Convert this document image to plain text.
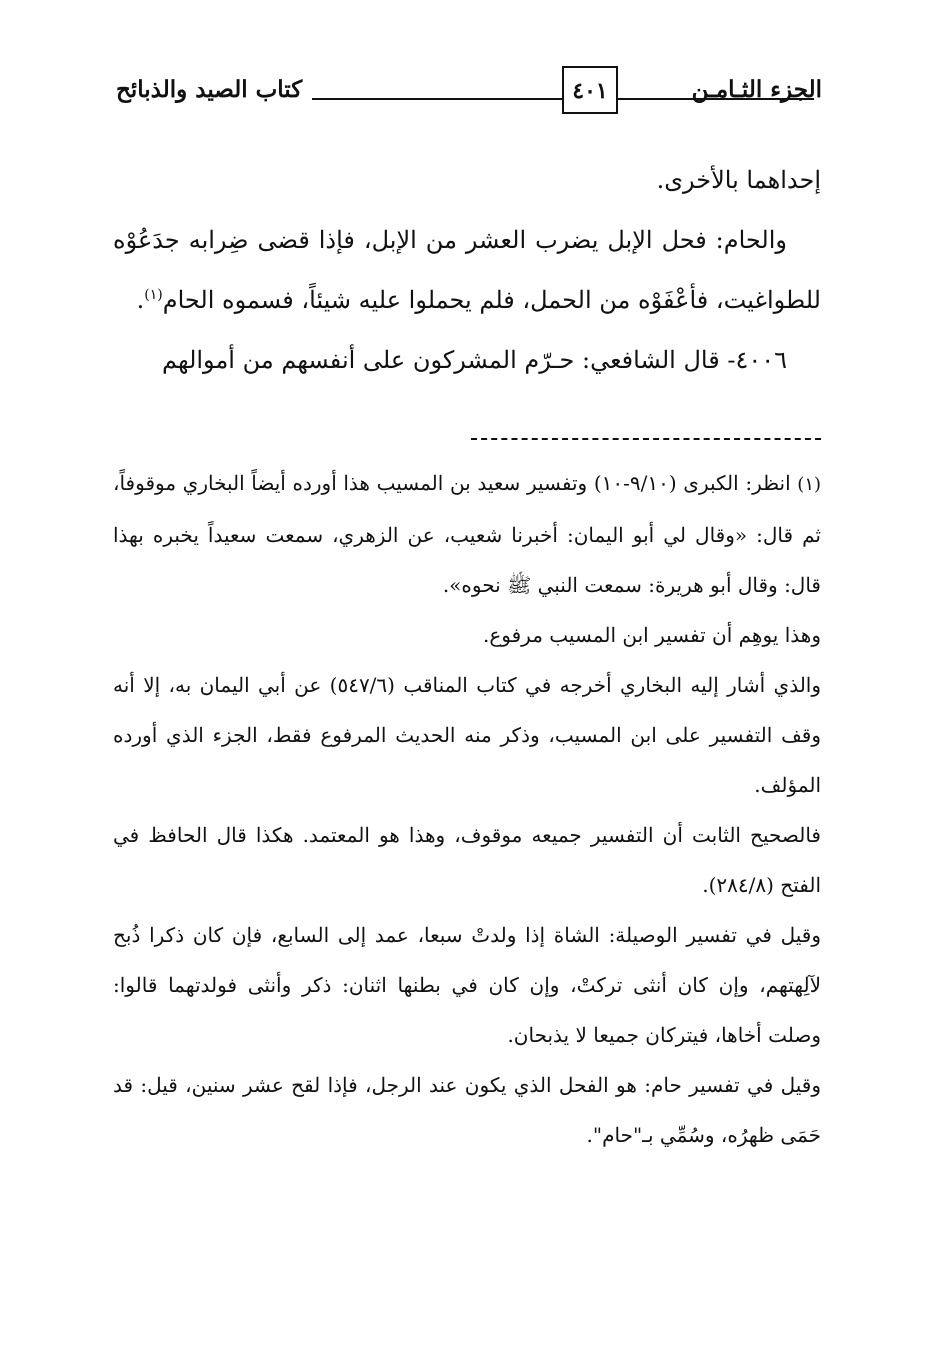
الجزء الثـامـن
٤٠١
كتاب الصيد والذبائح

إحداهما بالأخرى.

والحام: فحل الإبل يضرب العشر من الإبل، فإذا قضى ضِرابه جدَعُوْه للطواغيت، فأعْفَوْه من الحمل، فلم يحملوا عليه شيئاً، فسموه الحام$^{(١)}$.

٤٠٠٦- قال الشافعي: حـرّم المشركون على أنفسهم من أموالهم

(١) انظر: الكبرى (٩/١٠-١٠) وتفسير سعيد بن المسيب هذا أورده أيضاً البخاري موقوفاً، ثم قال: «وقال لي أبو اليمان: أخبرنا شعيب، عن الزهري، سمعت سعيداً يخبره بهذا قال: وقال أبو هريرة: سمعت النبي ﷺ نحوه».

وهذا يوهِم أن تفسير ابن المسيب مرفوع.

والذي أشار إليه البخاري أخرجه في كتاب المناقب (٥٤٧/٦) عن أبي اليمان به، إلا أنه وقف التفسير على ابن المسيب، وذكر منه الحديث المرفوع فقط، الجزء الذي أورده المؤلف.

فالصحيح الثابت أن التفسير جميعه موقوف، وهذا هو المعتمد. هكذا قال الحافظ في الفتح (٢٨٤/٨).

وقيل في تفسير الوصيلة: الشاة إذا ولدتْ سبعا، عمد إلى السابع، فإن كان ذكرا ذُبح لآلِهتهم، وإن كان أنثى تركتْ، وإن كان في بطنها اثنان: ذكر وأنثى فولدتهما قالوا: وصلت أخاها، فيتركان جميعا لا يذبحان.

وقيل في تفسير حام: هو الفحل الذي يكون عند الرجل، فإذا لقح عشر سنين، قيل: قد حَمَى ظهرُه، وسُمِّي بـ"حام".
